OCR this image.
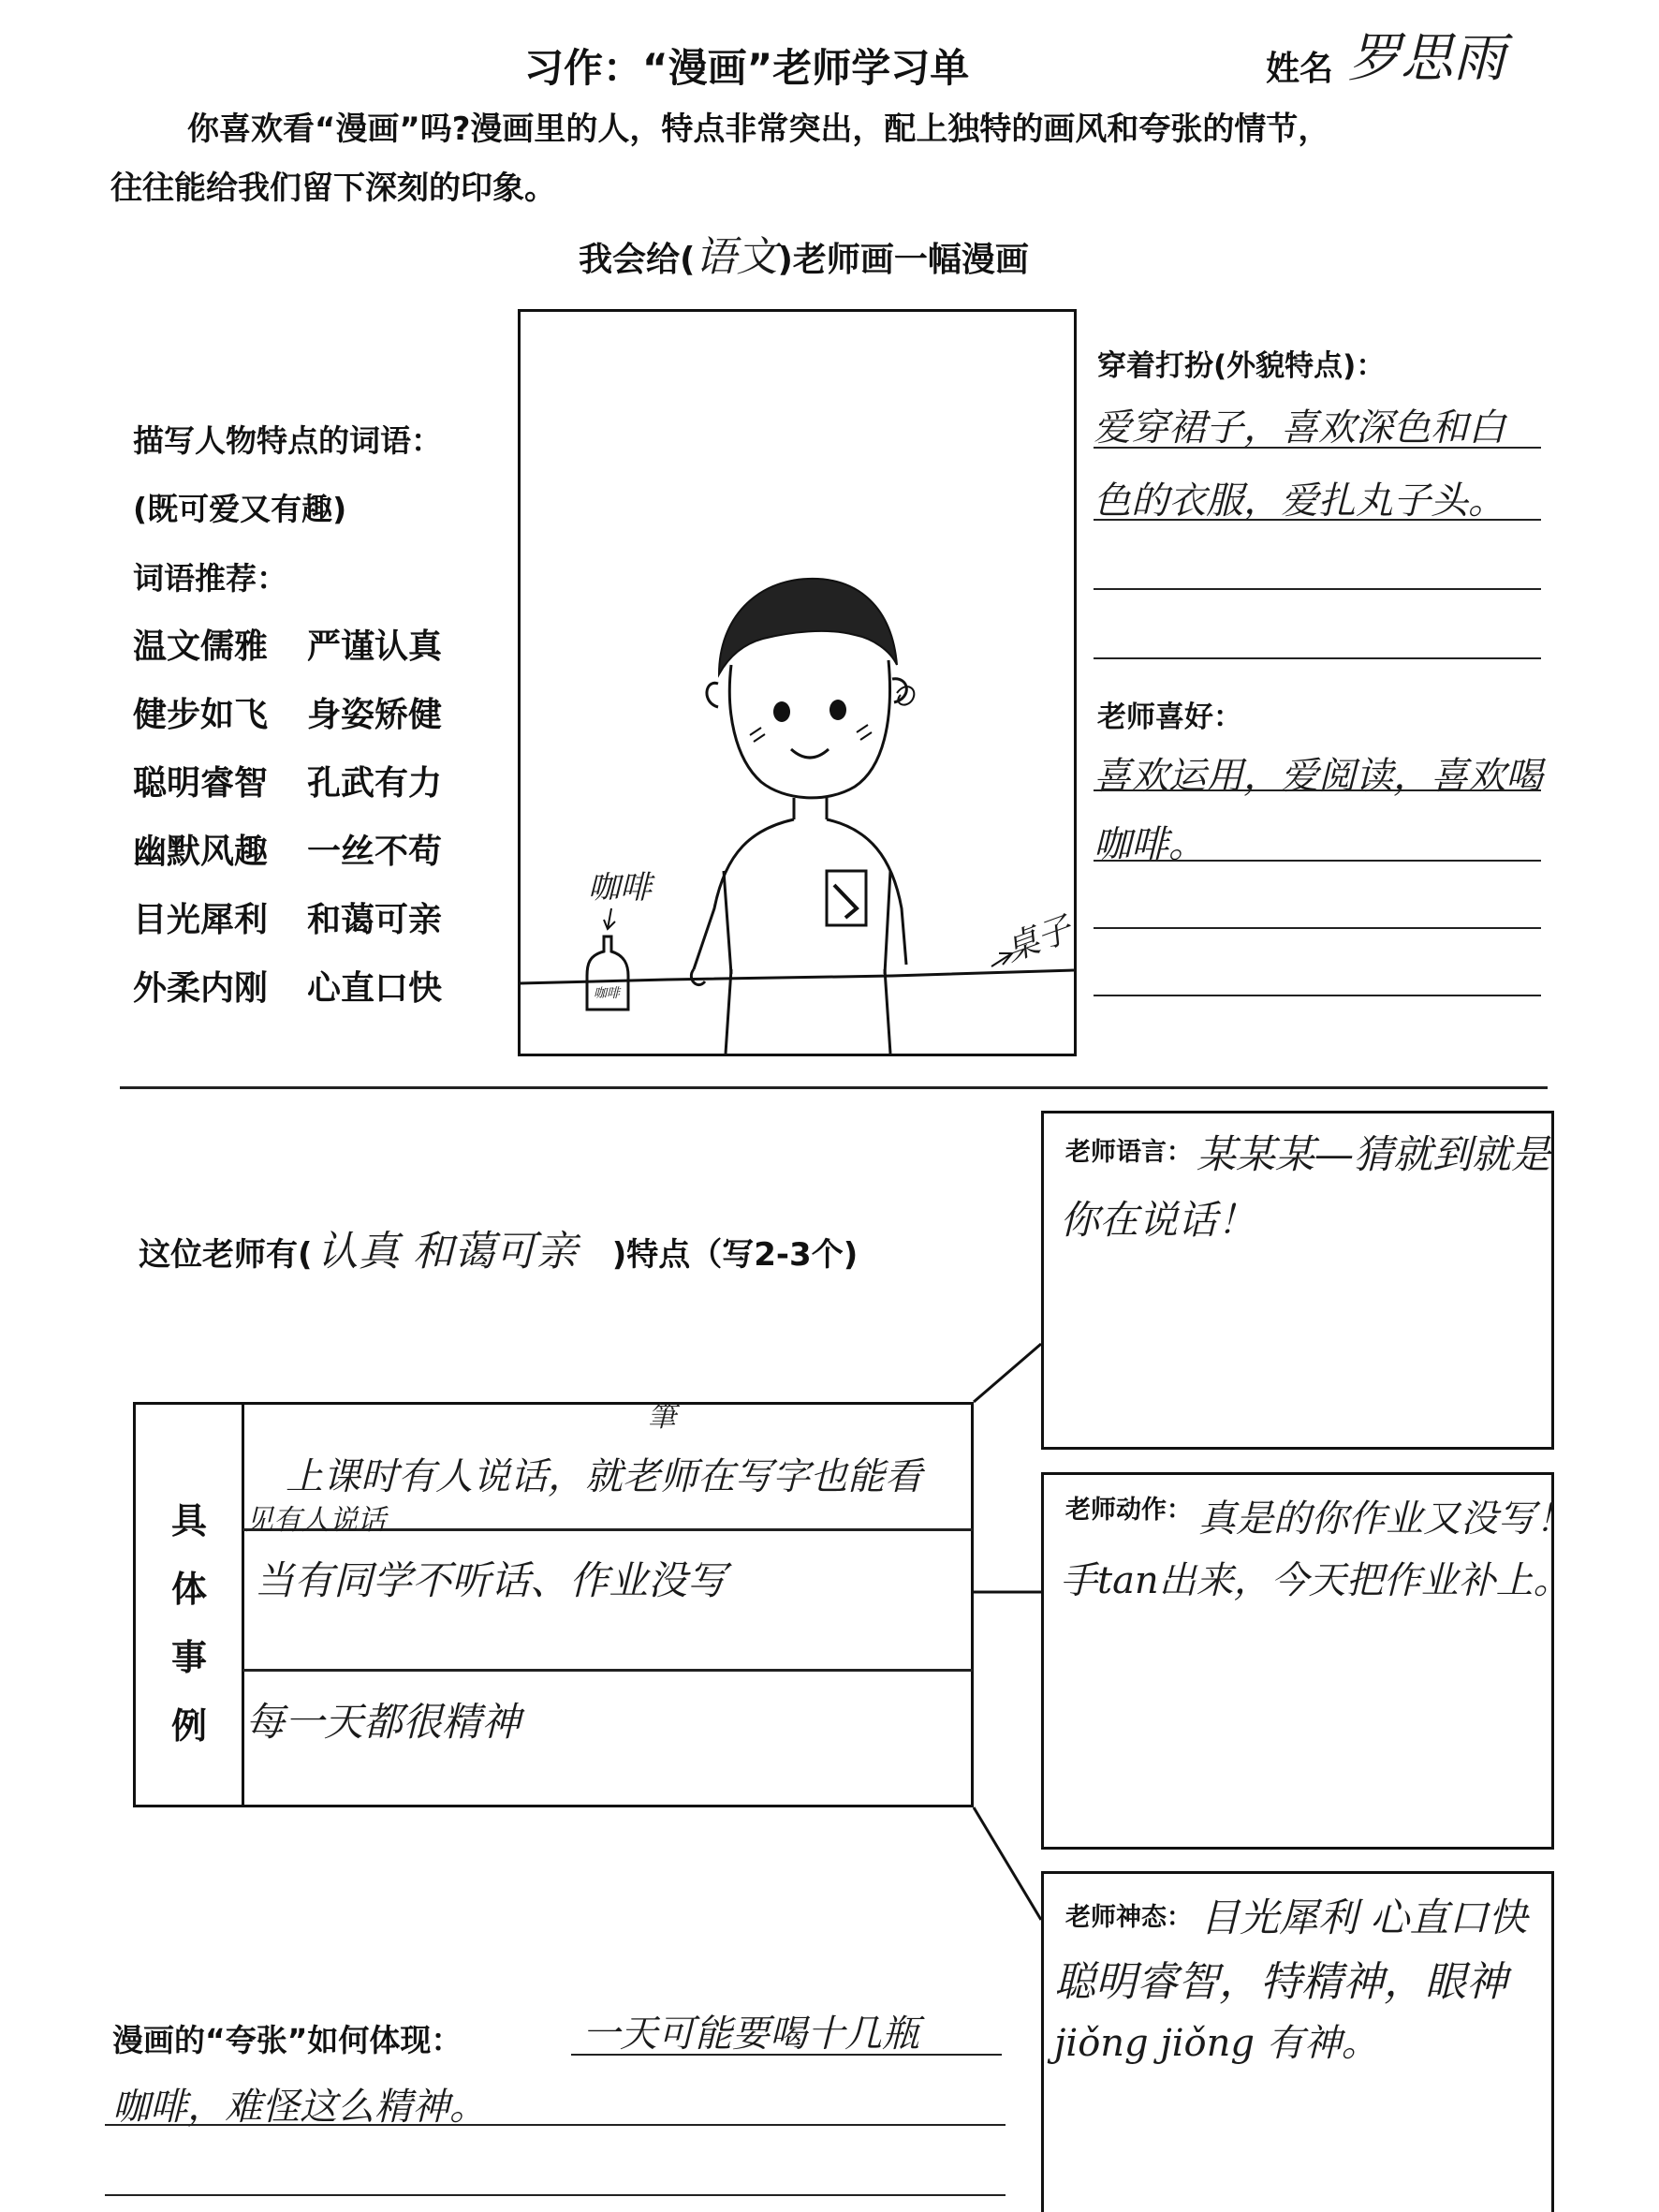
习作：“漫画”老师学习单	姓名 罗思雨
你喜欢看“漫画”吗?漫画里的人，特点非常突出，配上独特的画风和夸张的情节，
往往能给我们留下深刻的印象。
我会给(语文)老师画一幅漫画
描写人物特点的词语：
(既可爱又有趣)
词语推荐：
温文儒雅
健步如飞
聪明睿智
幽默风趣
目光犀利
外柔内刚
严谨认真
身姿矫健
孔武有力
一丝不苟
和蔼可亲
心直口快
咖啡
咖啡
桌子
穿着打扮(外貌特点)：
爱穿裙子，喜欢深色和白
色的衣服，爱扎丸子头。
老师喜好：
喜欢运用，爱阅读，喜欢喝
咖啡。
这位老师有( 认真 和蔼可亲 )特点（写2-3个)
老师语言： 某某某—猜就到就是
你在说话！
具
体
事
例
筆
上课时有人说话，就老师在写字也能看
见有人说话
当有同学不听话、作业没写
每一天都很精神
老师动作： 真是的你作业又没写！
手tan出来，今天把作业补上。
老师神态： 目光犀利 心直口快
聪明睿智，特精神，眼神
jiǒng jiǒng 有神。
漫画的“夸张”如何体现：	一天可能要喝十几瓶
咖啡，难怪这么精神。
